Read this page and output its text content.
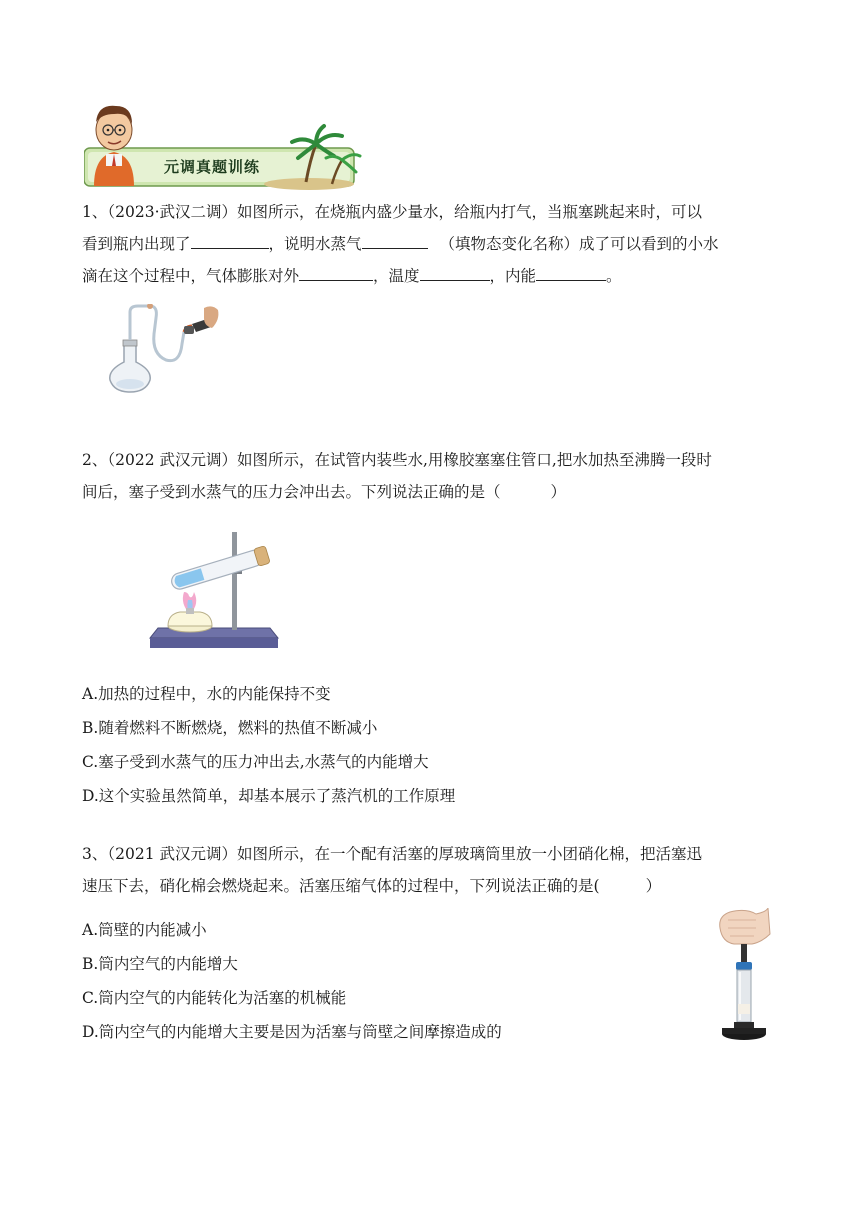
元调真题训练

1、（2023·武汉二调）如图所示，在烧瓶内盛少量水，给瓶内打气，当瓶塞跳起来时，可以

看到瓶内出现了	，说明水蒸气	（填物态变化名称）成了可以看到的小水

滴在这个过程中，气体膨胀对外	，温度	，内能	。

2、（2022 武汉元调）如图所示，在试管内装些水,用橡胶塞塞住管口,把水加热至沸腾一段时

间后，塞子受到水蒸气的压力会冲出去。下列说法正确的是（	）

A.加热的过程中，水的内能保持不变
B.随着燃料不断燃烧，燃料的热值不断减小
C.塞子受到水蒸气的压力冲出去,水蒸气的内能增大
D.这个实验虽然简单，却基本展示了蒸汽机的工作原理

3、（2021 武汉元调）如图所示，在一个配有活塞的厚玻璃筒里放一小团硝化棉，把活塞迅

速压下去，硝化棉会燃烧起来。活塞压缩气体的过程中，下列说法正确的是(	）

A.筒壁的内能减小
B.筒内空气的内能增大
C.筒内空气的内能转化为活塞的机械能
D.筒内空气的内能增大主要是因为活塞与筒壁之间摩擦造成的
